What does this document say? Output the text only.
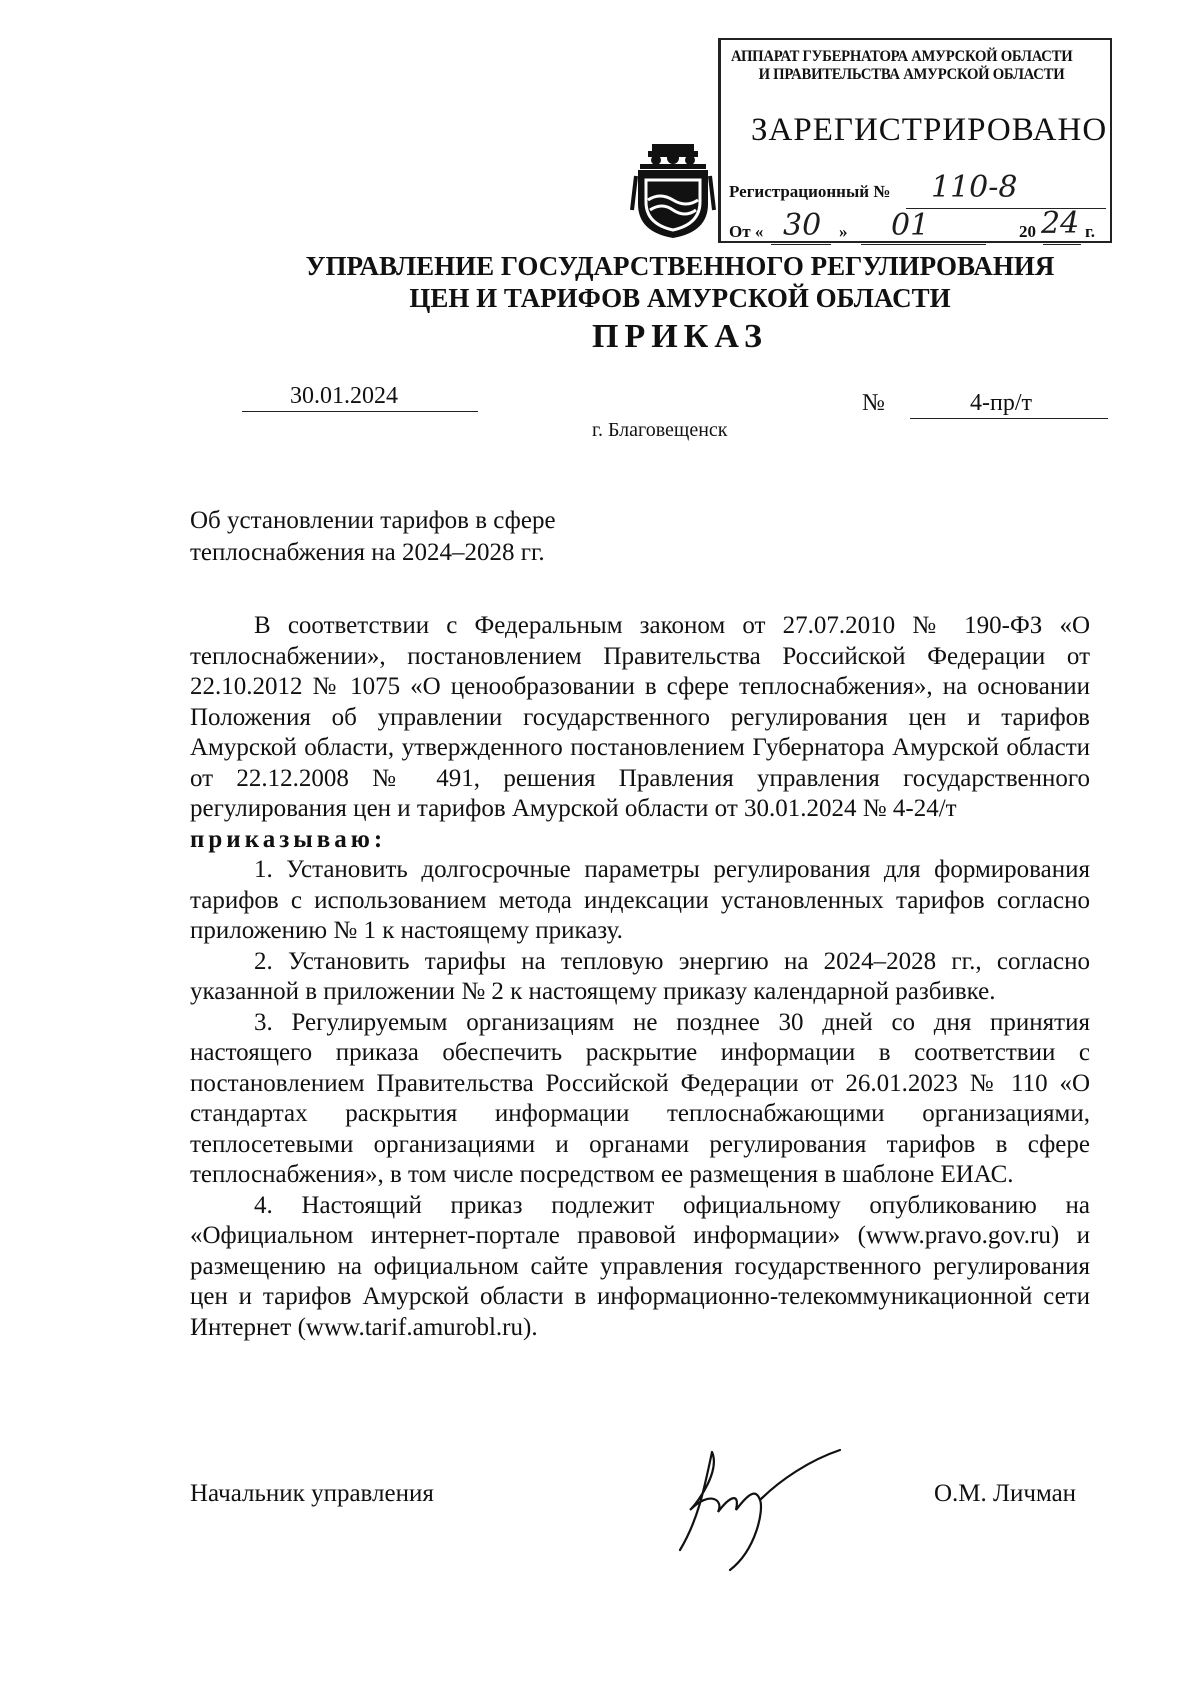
АППАРАТ ГУБЕРНАТОРА АМУРСКОЙ ОБЛАСТИ
И ПРАВИТЕЛЬСТВА АМУРСКОЙ ОБЛАСТИ
ЗАРЕГИСТРИРОВАНО
Регистрационный № 110-8
От « 30 » 01	20 24 г.
УПРАВЛЕНИЕ ГОСУДАРСТВЕННОГО РЕГУЛИРОВАНИЯ
ЦЕН И ТАРИФОВ АМУРСКОЙ ОБЛАСТИ
ПРИКАЗ
30.01.2024	№	4-пр/т
г. Благовещенск
Об установлении тарифов в сфере
теплоснабжения на 2024–2028 гг.

В соответствии с Федеральным законом от 27.07.2010 № 190-ФЗ «О теплоснабжении», постановлением Правительства Российской Федерации от 22.10.2012 № 1075 «О ценообразовании в сфере теплоснабжения», на основании Положения об управлении государственного регулирования цен и тарифов Амурской области, утвержденного постановлением Губернатора Амурской области от 22.12.2008 № 491, решения Правления управления государственного регулирования цен и тарифов Амурской области от 30.01.2024 № 4-24/т

приказываю:

1. Установить долгосрочные параметры регулирования для формирования тарифов с использованием метода индексации установленных тарифов согласно приложению № 1 к настоящему приказу.

2. Установить тарифы на тепловую энергию на 2024–2028 гг., согласно указанной в приложении № 2 к настоящему приказу календарной разбивке.

3. Регулируемым организациям не позднее 30 дней со дня принятия настоящего приказа обеспечить раскрытие информации в соответствии с постановлением Правительства Российской Федерации от 26.01.2023 № 110 «О стандартах раскрытия информации теплоснабжающими организациями, теплосетевыми организациями и органами регулирования тарифов в сфере теплоснабжения», в том числе посредством ее размещения в шаблоне ЕИАС.

4. Настоящий приказ подлежит официальному опубликованию на «Официальном интернет-портале правовой информации» (www.pravo.gov.ru) и размещению на официальном сайте управления государственного регулирования цен и тарифов Амурской области в информационно-телекоммуникационной сети Интернет (www.tarif.amurobl.ru).

Начальник управления	О.М. Личман
